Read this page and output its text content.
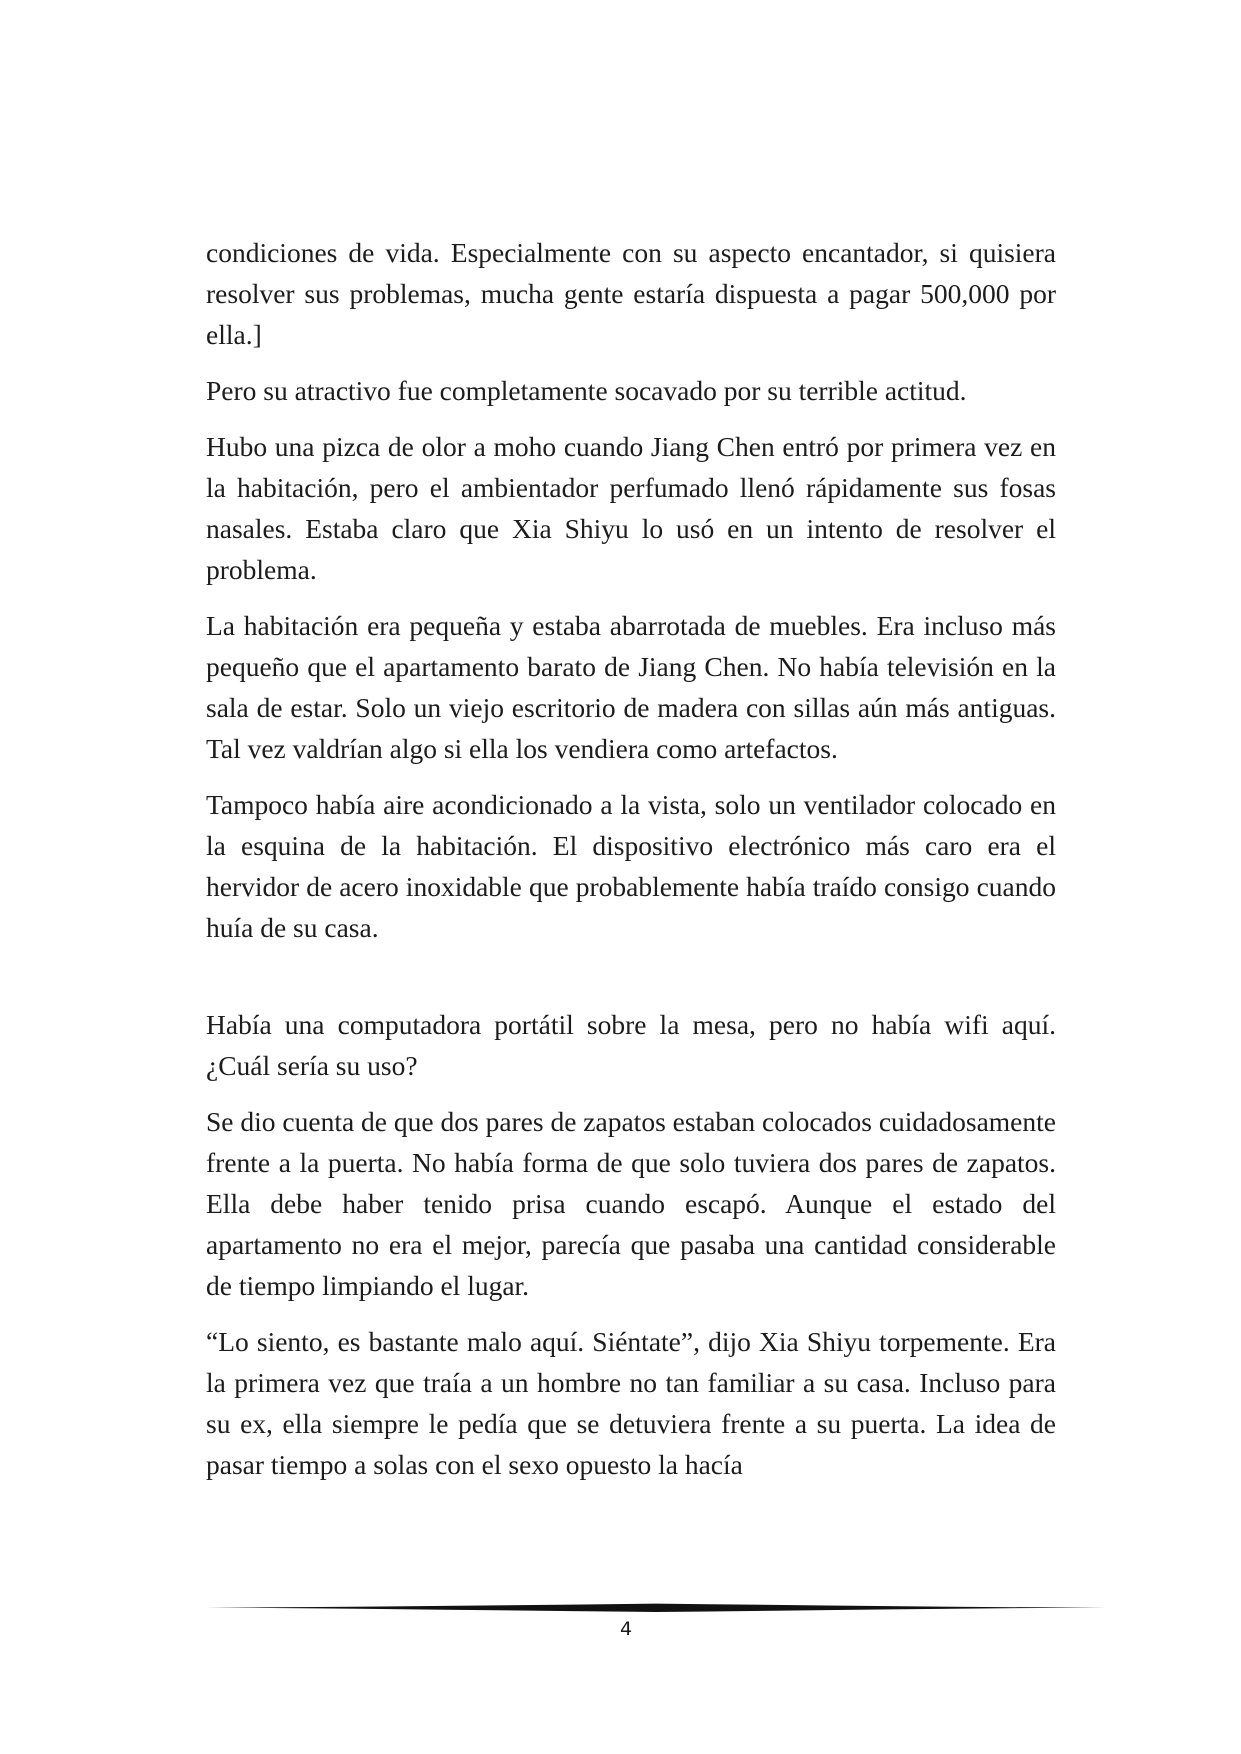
condiciones de vida. Especialmente con su aspecto encantador, si quisiera resolver sus problemas, mucha gente estaría dispuesta a pagar 500,000 por ella.]

Pero su atractivo fue completamente socavado por su terrible actitud.

Hubo una pizca de olor a moho cuando Jiang Chen entró por primera vez en la habitación, pero el ambientador perfumado llenó rápidamente sus fosas nasales. Estaba claro que Xia Shiyu lo usó en un intento de resolver el problema.

La habitación era pequeña y estaba abarrotada de muebles. Era incluso más pequeño que el apartamento barato de Jiang Chen. No había televisión en la sala de estar. Solo un viejo escritorio de madera con sillas aún más antiguas. Tal vez valdrían algo si ella los vendiera como artefactos.

Tampoco había aire acondicionado a la vista, solo un ventilador colocado en la esquina de la habitación. El dispositivo electrónico más caro era el hervidor de acero inoxidable que probablemente había traído consigo cuando huía de su casa.

Había una computadora portátil sobre la mesa, pero no había wifi aquí. ¿Cuál sería su uso?

Se dio cuenta de que dos pares de zapatos estaban colocados cuidadosamente frente a la puerta. No había forma de que solo tuviera dos pares de zapatos. Ella debe haber tenido prisa cuando escapó. Aunque el estado del apartamento no era el mejor, parecía que pasaba una cantidad considerable de tiempo limpiando el lugar.

“Lo siento, es bastante malo aquí. Siéntate”, dijo Xia Shiyu torpemente. Era la primera vez que traía a un hombre no tan familiar a su casa. Incluso para su ex, ella siempre le pedía que se detuviera frente a su puerta. La idea de pasar tiempo a solas con el sexo opuesto la hacía

4
